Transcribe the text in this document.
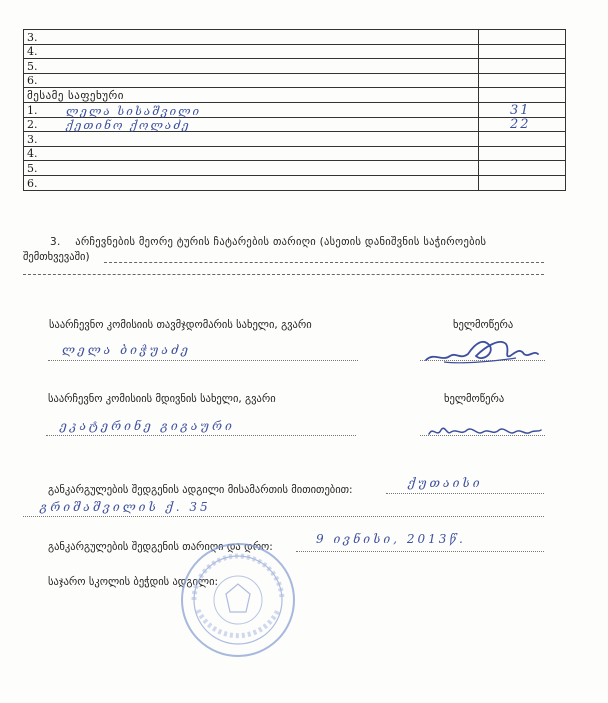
3.	
4.	
5.	
6.	
მესამე საფეხური	
1. ლელა სისაშვილი	31
2. ქეთინო ქოლაძე	22
3.

4.

5.

6.

3. არჩევნების მეორე ტურის ჩატარების თარიღი (ასეთის დანიშვნის საჭიროების
შემთხვევაში)
საარჩევნო კომისიის თავმჯდომარის სახელი, გვარი	ხელმოწერა
ლელა ბიჭუაძე
საარჩევნო კომისიის მდივნის სახელი, გვარი	ხელმოწერა
ეკატერინე გიგაური
განკარგულების შედგენის ადგილი მისამართის მითითებით:	ქუთაისი
გრიშაშვილის ქ. 35
განკარგულების შედგენის თარიღი და დრო:
9 ივნისი, 2013წ.
საჯარო სკოლის ბეჭდის ადგილი:
